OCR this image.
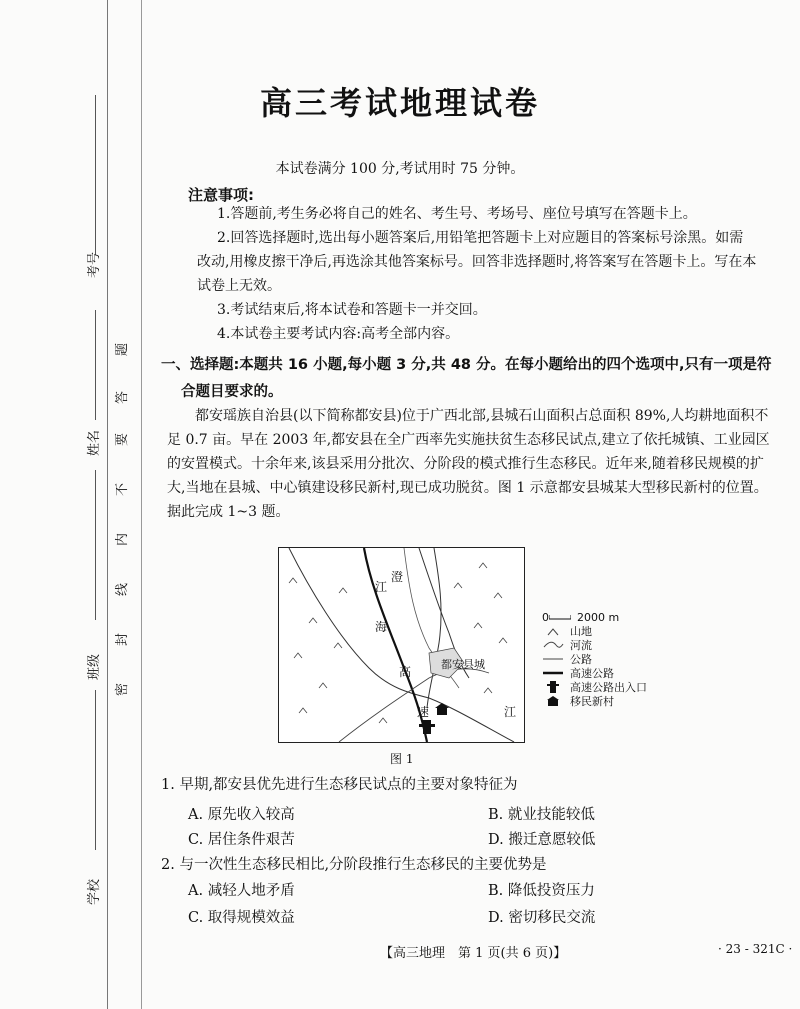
考号
姓名
班级
学校
密
封
线
内
不
要
答
题
高三考试地理试卷
本试卷满分 100 分,考试用时 75 分钟。
注意事项:

1.答题前,考生务必将自己的姓名、考生号、考场号、座位号填写在答题卡上。

2.回答选择题时,选出每小题答案后,用铅笔把答题卡上对应题目的答案标号涂黑。如需改动,用橡皮擦干净后,再选涂其他答案标号。回答非选择题时,将答案写在答题卡上。写在本试卷上无效。

3.考试结束后,将本试卷和答题卡一并交回。

4.本试卷主要考试内容:高考全部内容。

一、选择题:本题共 16 小题,每小题 3 分,共 48 分。在每小题给出的四个选项中,只有一项是符
合题目要求的。

都安瑶族自治县(以下简称都安县)位于广西北部,县城石山面积占总面积 89%,人均耕地面积不足 0.7 亩。早在 2003 年,都安县在全广西率先实施扶贫生态移民试点,建立了依托城镇、工业园区的安置模式。十余年来,该县采用分批次、分阶段的模式推行生态移民。近年来,随着移民规模的扩大,当地在县城、中心镇建设移民新村,现已成功脱贫。图 1 示意都安县城某大型移民新村的位置。据此完成 1~3 题。

澄
江
海
高
速
都安县城
江
0	2000 m
山地
河流
公路
高速公路
高速公路出入口
移民新村
图 1
1. 早期,都安县优先进行生态移民试点的主要对象特征为
A. 原先收入较高	B. 就业技能较低
C. 居住条件艰苦	D. 搬迁意愿较低
2. 与一次性生态移民相比,分阶段推行生态移民的主要优势是
A. 减轻人地矛盾	B. 降低投资压力
C. 取得规模效益	D. 密切移民交流
【高三地理　第 1 页(共 6 页)】	· 23 - 321C ·
